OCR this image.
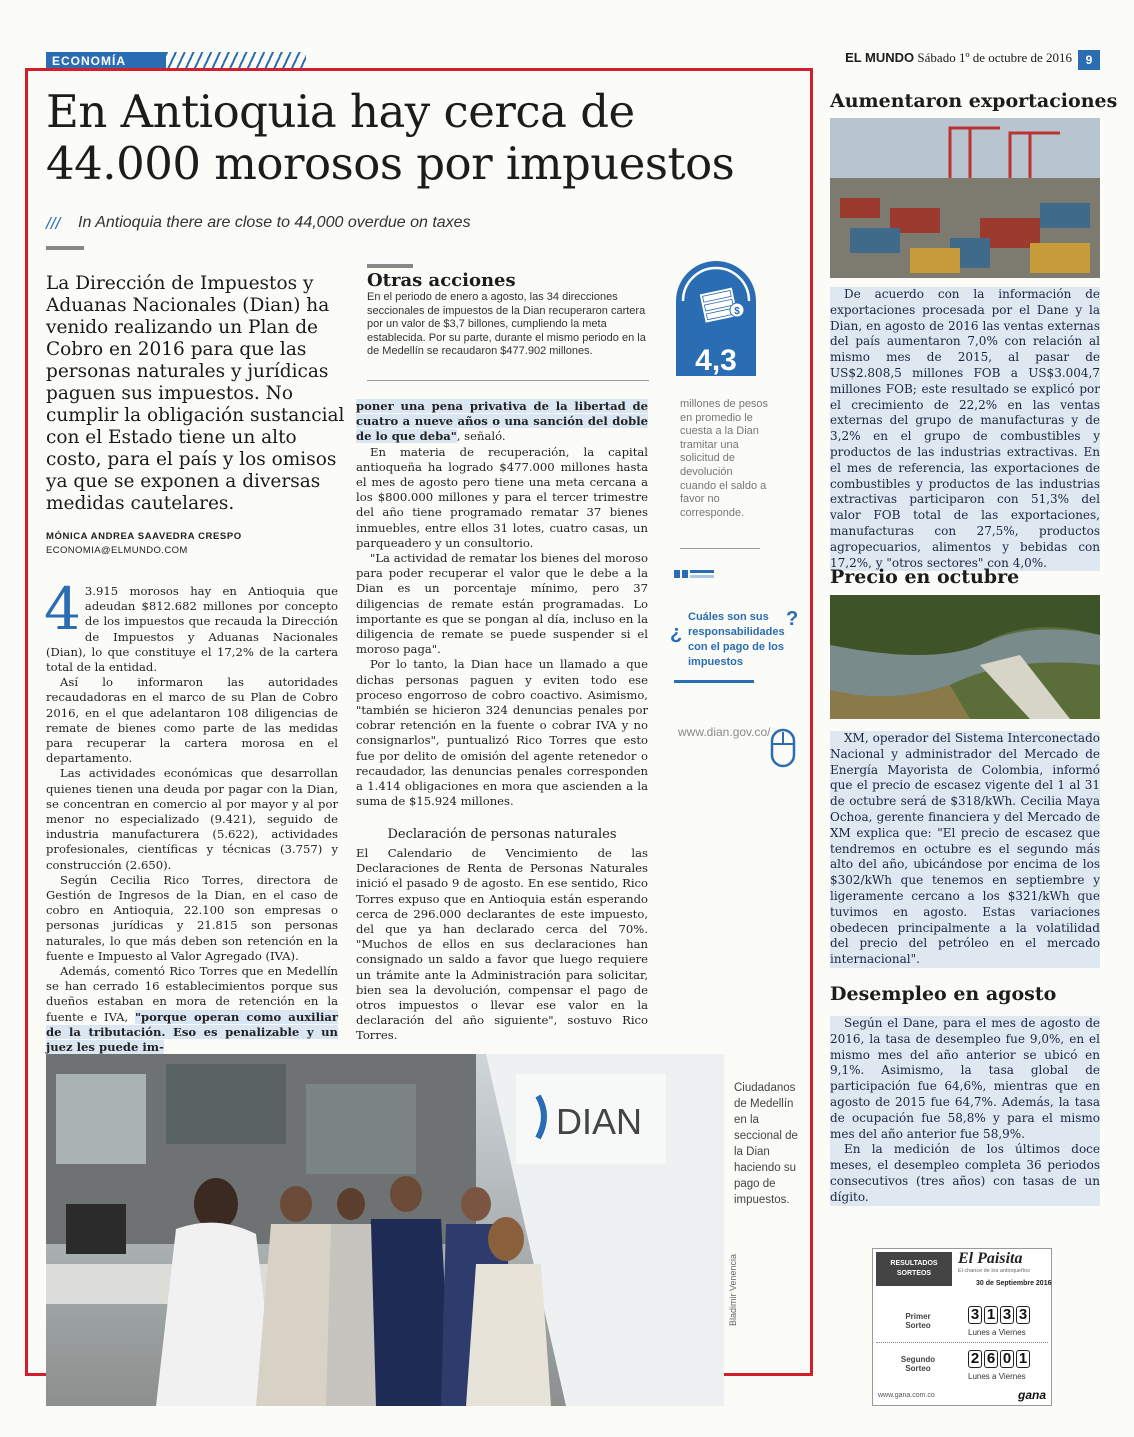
ECONOMÍA	EL MUNDO Sábado 1º de octubre de 2016	9
En Antioquia hay cerca de 44.000 morosos por impuestos
/// In Antioquia there are close to 44,000 overdue on taxes
La Dirección de Impuestos y Aduanas Nacionales (Dian) ha venido realizando un Plan de Cobro en 2016 para que las personas naturales y jurídicas paguen sus impuestos. No cumplir la obligación sustancial con el Estado tiene un alto costo, para el país y los omisos ya que se exponen a diversas medidas cautelares.
MÓNICA ANDREA SAAVEDRA CRESPO
ECONOMIA@ELMUNDO.COM
4 3.915 morosos hay en Antioquia que adeudan $812.682 millones por concepto de los impuestos que recauda la Dirección de Impuestos y Aduanas Nacionales (Dian), lo que constituye el 17,2% de la cartera total de la entidad.

Así lo informaron las autoridades recaudadoras en el marco de su Plan de Cobro 2016, en el que adelantaron 108 diligencias de remate de bienes como parte de las medidas para recuperar la cartera morosa en el departamento.

Las actividades económicas que desarrollan quienes tienen una deuda por pagar con la Dian, se concentran en comercio al por mayor y al por menor no especializado (9.421), seguido de industria manufacturera (5.622), actividades profesionales, científicas y técnicas (3.757) y construcción (2.650).

Según Cecilia Rico Torres, directora de Gestión de Ingresos de la Dian, en el caso de cobro en Antioquia, 22.100 son empresas o personas jurídicas y 21.815 son personas naturales, lo que más deben son retención en la fuente e Impuesto al Valor Agregado (IVA).

Además, comentó Rico Torres que en Medellín se han cerrado 16 establecimientos porque sus dueños estaban en mora de retención en la fuente e IVA, "porque operan como auxiliar de la tributación. Eso es penalizable y un juez les puede im-

Otras acciones
En el periodo de enero a agosto, las 34 direcciones seccionales de impuestos de la Dian recuperaron cartera por un valor de $3,7 billones, cumpliendo la meta establecida. Por su parte, durante el mismo periodo en la de Medellín se recaudaron $477.902 millones.

poner una pena privativa de la libertad de cuatro a nueve años o una sanción del doble de lo que deba", señaló.

En materia de recuperación, la capital antioqueña ha logrado $477.000 millones hasta el mes de agosto pero tiene una meta cercana a los $800.000 millones y para el tercer trimestre del año tiene programado rematar 37 bienes inmuebles, entre ellos 31 lotes, cuatro casas, un parqueadero y un consultorio.

"La actividad de rematar los bienes del moroso para poder recuperar el valor que le debe a la Dian es un porcentaje mínimo, pero 37 diligencias de remate están programadas. Lo importante es que se pongan al día, incluso en la diligencia de remate se puede suspender si el moroso paga".

Por lo tanto, la Dian hace un llamado a que dichas personas paguen y eviten todo ese proceso engorroso de cobro coactivo. Asimismo, "también se hicieron 324 denuncias penales por cobrar retención en la fuente o cobrar IVA y no consignarlos", puntualizó Rico Torres que esto fue por delito de omisión del agente retenedor o recaudador, las denuncias penales corresponden a 1.414 obligaciones en mora que ascienden a la suma de $15.924 millones.

Declaración de personas naturales

El Calendario de Vencimiento de las Declaraciones de Renta de Personas Naturales inició el pasado 9 de agosto. En ese sentido, Rico Torres expuso que en Antioquia están esperando cerca de 296.000 declarantes de este impuesto, del que ya han declarado cerca del 70%. "Muchos de ellos en sus declaraciones han consignado un saldo a favor que luego requiere un trámite ante la Administración para solicitar, bien sea la devolución, compensar el pago de otros impuestos o llevar ese valor en la declaración del año siguiente", sostuvo Rico Torres.

$
4,3
millones de pesos en promedio le cuesta a la Dian tramitar una solicitud de devolución cuando el saldo a favor no corresponde.
¿
Cuáles son sus responsabilidades con el pago de los impuestos
?
www.dian.gov.co/
DIAN
Bladimir Venencia
Ciudadanos de Medellín en la seccional de la Dian haciendo su pago de impuestos.
Aumentaron exportaciones

De acuerdo con la información de exportaciones procesada por el Dane y la Dian, en agosto de 2016 las ventas externas del país aumentaron 7,0% con relación al mismo mes de 2015, al pasar de US$2.808,5 millones FOB a US$3.004,7 millones FOB; este resultado se explicó por el crecimiento de 22,2% en las ventas externas del grupo de manufacturas y de 3,2% en el grupo de combustibles y productos de las industrias extractivas. En el mes de referencia, las exportaciones de combustibles y productos de las industrias extractivas participaron con 51,3% del valor FOB total de las exportaciones, manufacturas con 27,5%, productos agropecuarios, alimentos y bebidas con 17,2%, y "otros sectores" con 4,0%.

Precio en octubre

XM, operador del Sistema Interconectado Nacional y administrador del Mercado de Energía Mayorista de Colombia, informó que el precio de escasez vigente del 1 al 31 de octubre será de $318/kWh. Cecilia Maya Ochoa, gerente financiera y del Mercado de XM explica que: "El precio de escasez que tendremos en octubre es el segundo más alto del año, ubicándose por encima de los $302/kWh que tenemos en septiembre y ligeramente cercano a los $321/kWh que tuvimos en agosto. Estas variaciones obedecen principalmente a la volatilidad del precio del petróleo en el mercado internacional".

Desempleo en agosto

Según el Dane, para el mes de agosto de 2016, la tasa de desempleo fue 9,0%, en el mismo mes del año anterior se ubicó en 9,1%. Asimismo, la tasa global de participación fue 64,6%, mientras que en agosto de 2015 fue 64,7%. Además, la tasa de ocupación fue 58,8% y para el mismo mes del año anterior fue 58,9%.

En la medición de los últimos doce meses, el desempleo completa 36 periodos consecutivos (tres años) con tasas de un dígito.

RESULTADOS SORTEOS
El Paisita
El chance de los antioqueños
30 de Septiembre 2016
Primer Sorteo
3 1 3 3
Lunes a Viernes
Segundo Sorteo
2 6 0 1
Lunes a Viernes
www.gana.com.co	gana
